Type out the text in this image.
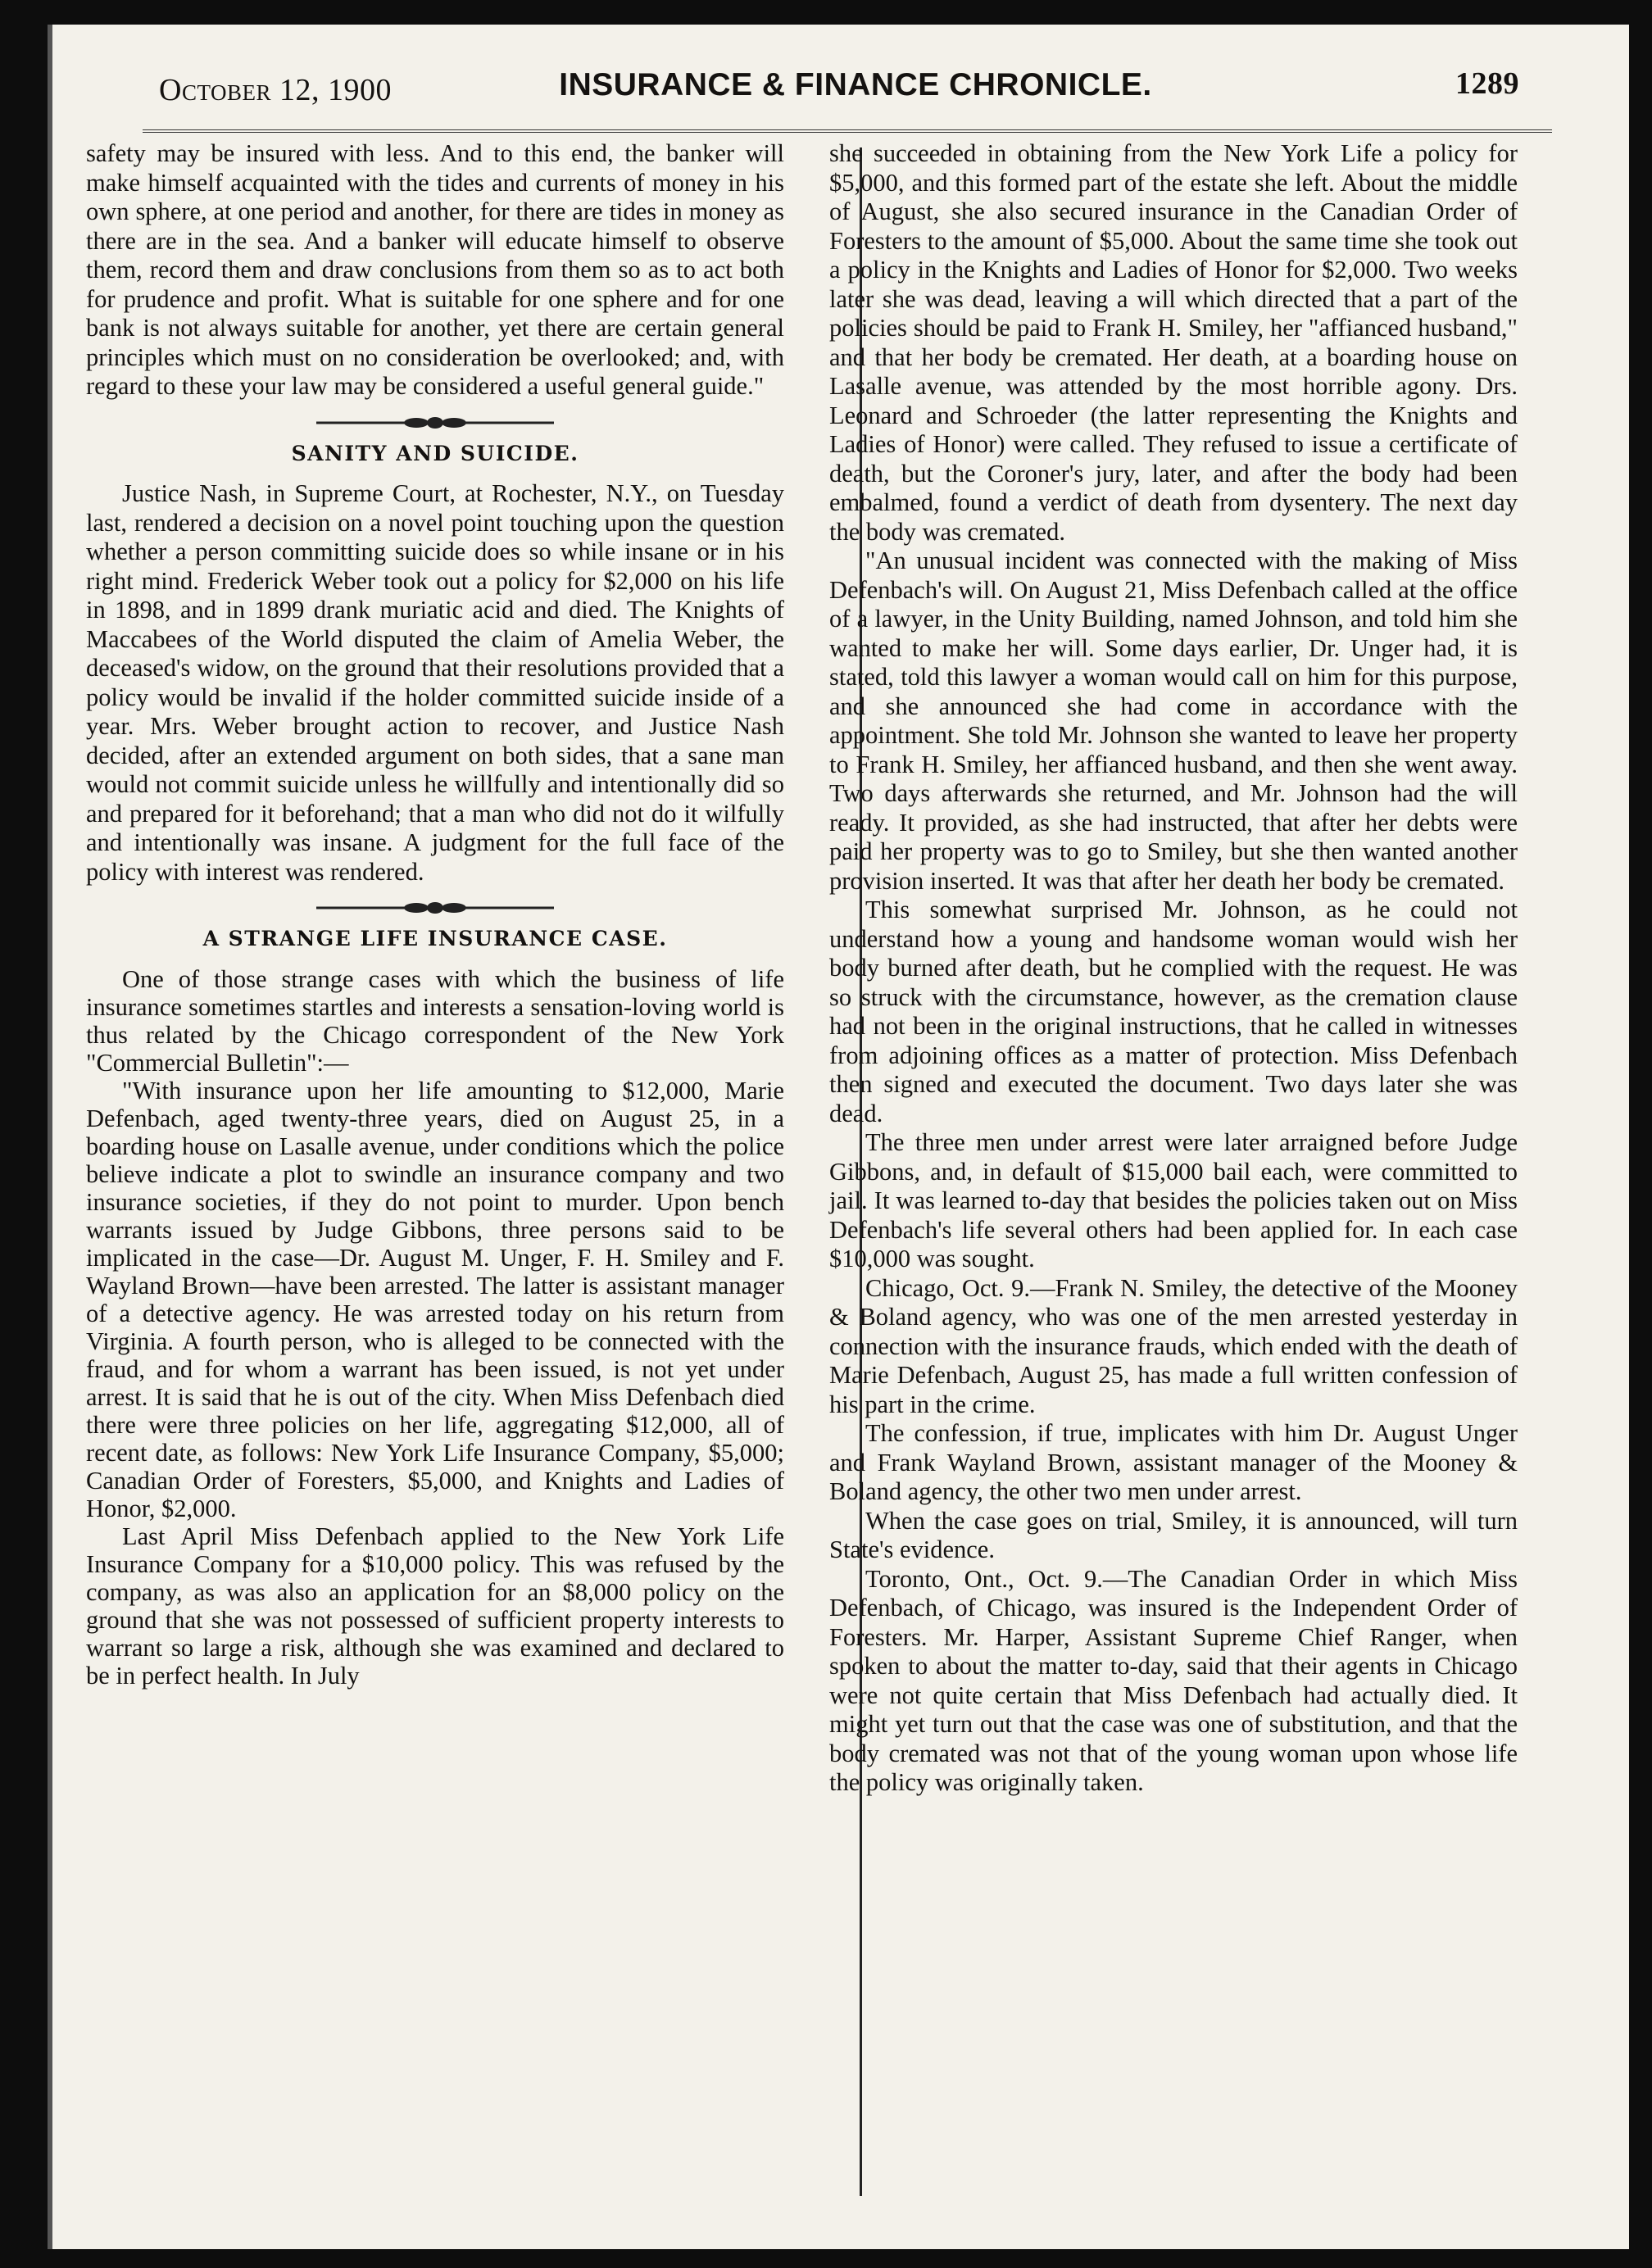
October 12, 1900	INSURANCE & FINANCE CHRONICLE.	1289

safety may be insured with less. And to this end, the banker will make himself acquainted with the tides and currents of money in his own sphere, at one period and another, for there are tides in money as there are in the sea. And a banker will educate himself to observe them, record them and draw conclusions from them so as to act both for prudence and profit. What is suitable for one sphere and for one bank is not always suitable for another, yet there are certain general principles which must on no consideration be overlooked; and, with regard to these your law may be considered a useful general guide."

SANITY AND SUICIDE.

Justice Nash, in Supreme Court, at Rochester, N.Y., on Tuesday last, rendered a decision on a novel point touching upon the question whether a person committing suicide does so while insane or in his right mind. Frederick Weber took out a policy for $2,000 on his life in 1898, and in 1899 drank muriatic acid and died. The Knights of Maccabees of the World disputed the claim of Amelia Weber, the deceased's widow, on the ground that their resolutions provided that a policy would be invalid if the holder committed suicide inside of a year. Mrs. Weber brought action to recover, and Justice Nash decided, after an extended argument on both sides, that a sane man would not commit suicide unless he willfully and intentionally did so and prepared for it beforehand; that a man who did not do it wilfully and intentionally was insane. A judgment for the full face of the policy with interest was rendered.

A STRANGE LIFE INSURANCE CASE.

One of those strange cases with which the business of life insurance sometimes startles and interests a sensation-loving world is thus related by the Chicago correspondent of the New York "Commercial Bulletin":—

"With insurance upon her life amounting to $12,000, Marie Defenbach, aged twenty-three years, died on August 25, in a boarding house on Lasalle avenue, under conditions which the police believe indicate a plot to swindle an insurance company and two insurance societies, if they do not point to murder. Upon bench warrants issued by Judge Gibbons, three persons said to be implicated in the case—Dr. August M. Unger, F. H. Smiley and F. Wayland Brown—have been arrested. The latter is assistant manager of a detective agency. He was arrested today on his return from Virginia. A fourth person, who is alleged to be connected with the fraud, and for whom a warrant has been issued, is not yet under arrest. It is said that he is out of the city. When Miss Defenbach died there were three policies on her life, aggregating $12,000, all of recent date, as follows: New York Life Insurance Company, $5,000; Canadian Order of Foresters, $5,000, and Knights and Ladies of Honor, $2,000.

Last April Miss Defenbach applied to the New York Life Insurance Company for a $10,000 policy. This was refused by the company, as was also an application for an $8,000 policy on the ground that she was not possessed of sufficient property interests to warrant so large a risk, although she was examined and declared to be in perfect health. In July

she succeeded in obtaining from the New York Life a policy for $5,000, and this formed part of the estate she left. About the middle of August, she also secured insurance in the Canadian Order of Foresters to the amount of $5,000. About the same time she took out a policy in the Knights and Ladies of Honor for $2,000. Two weeks later she was dead, leaving a will which directed that a part of the policies should be paid to Frank H. Smiley, her "affianced husband," and that her body be cremated. Her death, at a boarding house on Lasalle avenue, was attended by the most horrible agony. Drs. Leonard and Schroeder (the latter representing the Knights and Ladies of Honor) were called. They refused to issue a certificate of death, but the Coroner's jury, later, and after the body had been embalmed, found a verdict of death from dysentery. The next day the body was cremated.

"An unusual incident was connected with the making of Miss Defenbach's will. On August 21, Miss Defenbach called at the office of a lawyer, in the Unity Building, named Johnson, and told him she wanted to make her will. Some days earlier, Dr. Unger had, it is stated, told this lawyer a woman would call on him for this purpose, and she announced she had come in accordance with the appointment. She told Mr. Johnson she wanted to leave her property to Frank H. Smiley, her affianced husband, and then she went away. Two days afterwards she returned, and Mr. Johnson had the will ready. It provided, as she had instructed, that after her debts were paid her property was to go to Smiley, but she then wanted another provision inserted. It was that after her death her body be cremated.

This somewhat surprised Mr. Johnson, as he could not understand how a young and handsome woman would wish her body burned after death, but he complied with the request. He was so struck with the circumstance, however, as the cremation clause had not been in the original instructions, that he called in witnesses from adjoining offices as a matter of protection. Miss Defenbach then signed and executed the document. Two days later she was dead.

The three men under arrest were later arraigned before Judge Gibbons, and, in default of $15,000 bail each, were committed to jail. It was learned to-day that besides the policies taken out on Miss Defenbach's life several others had been applied for. In each case $10,000 was sought.

Chicago, Oct. 9.—Frank N. Smiley, the detective of the Mooney & Boland agency, who was one of the men arrested yesterday in connection with the insurance frauds, which ended with the death of Marie Defenbach, August 25, has made a full written confession of his part in the crime.

The confession, if true, implicates with him Dr. August Unger and Frank Wayland Brown, assistant manager of the Mooney & Boland agency, the other two men under arrest.

When the case goes on trial, Smiley, it is announced, will turn State's evidence.

Toronto, Ont., Oct. 9.—The Canadian Order in which Miss Defenbach, of Chicago, was insured is the Independent Order of Foresters. Mr. Harper, Assistant Supreme Chief Ranger, when spoken to about the matter to-day, said that their agents in Chicago were not quite certain that Miss Defenbach had actually died. It might yet turn out that the case was one of substitution, and that the body cremated was not that of the young woman upon whose life the policy was originally taken.
